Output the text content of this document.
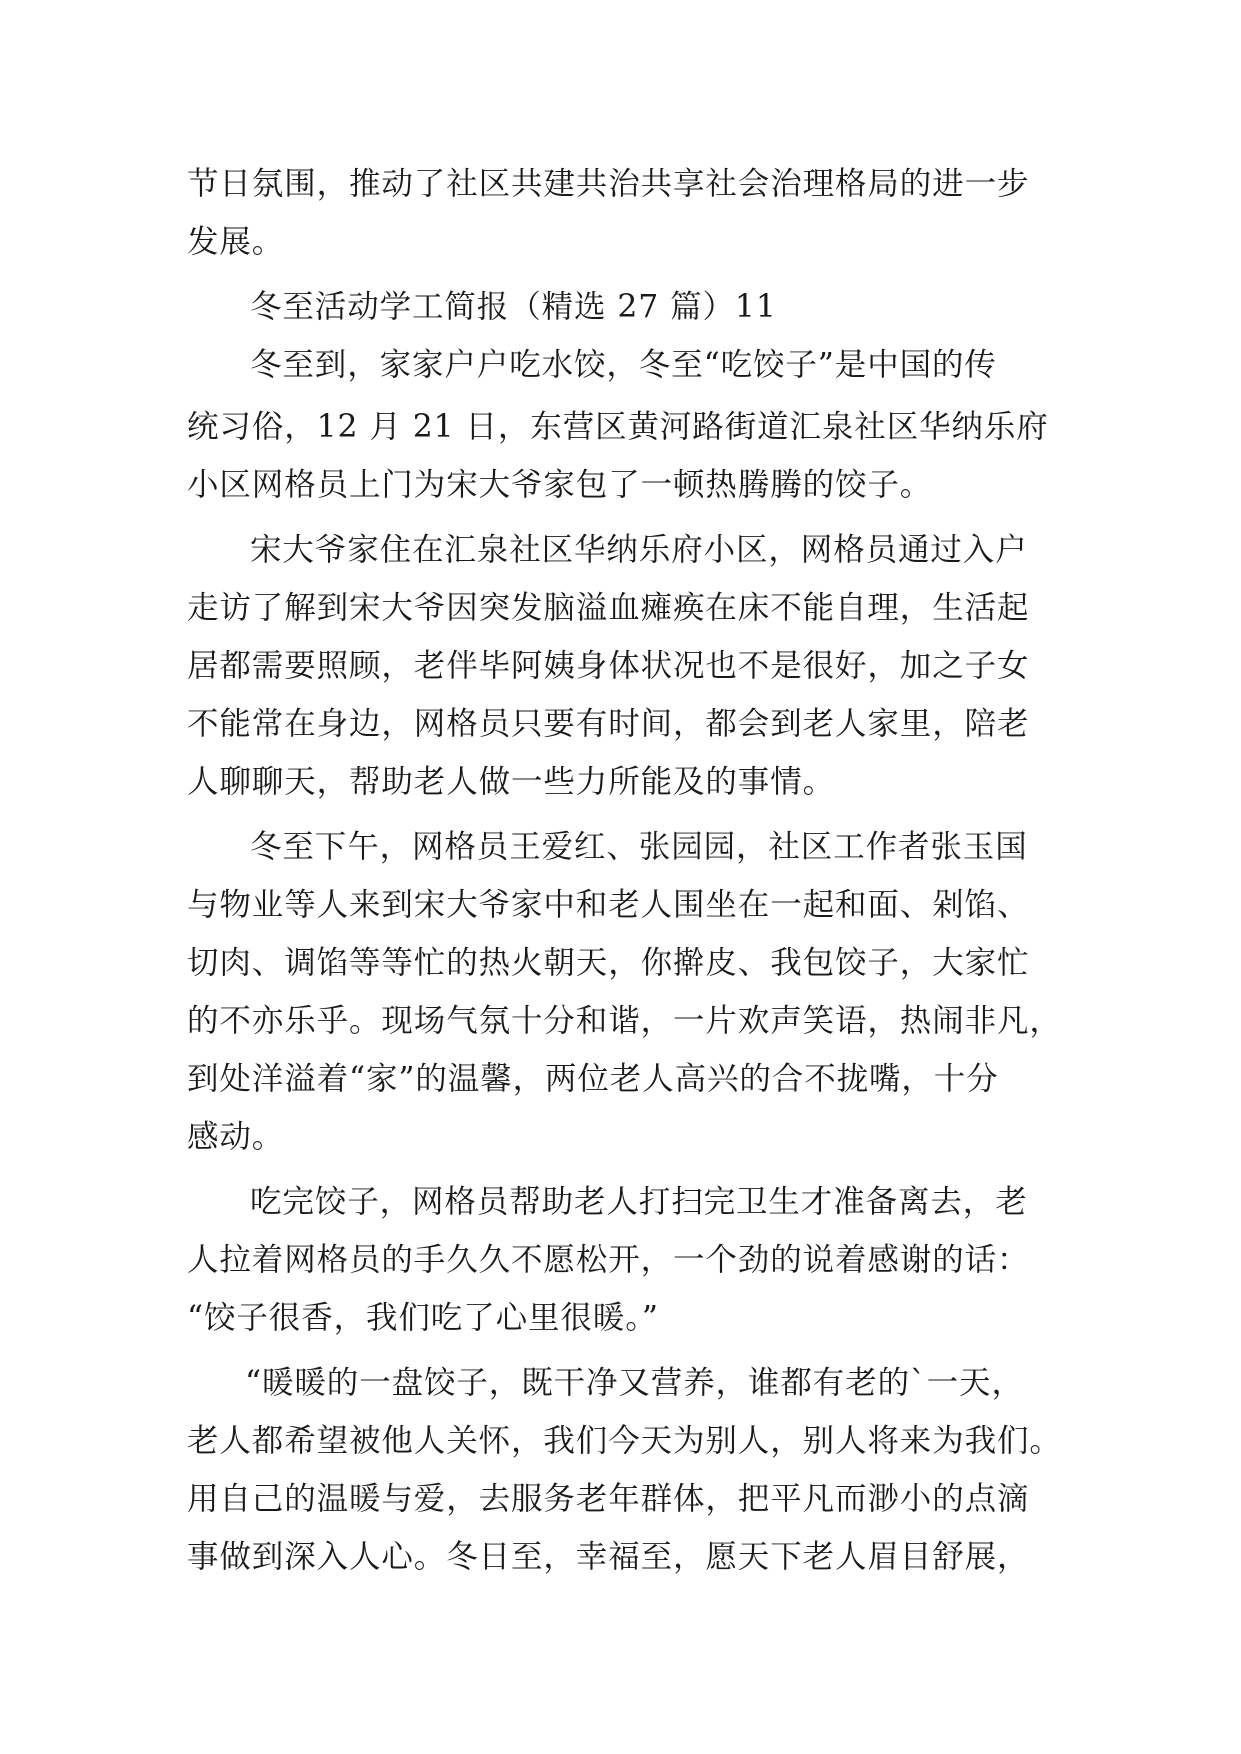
节日氛围，推动了社区共建共治共享社会治理格局的进一步
发展。
冬至活动学工简报（精选 27 篇）11
冬至到，家家户户吃水饺，冬至“吃饺子”是中国的传
统习俗，12 月 21 日，东营区黄河路街道汇泉社区华纳乐府
小区网格员上门为宋大爷家包了一顿热腾腾的饺子。
宋大爷家住在汇泉社区华纳乐府小区，网格员通过入户
走访了解到宋大爷因突发脑溢血瘫痪在床不能自理，生活起
居都需要照顾，老伴毕阿姨身体状况也不是很好，加之子女
不能常在身边，网格员只要有时间，都会到老人家里，陪老
人聊聊天，帮助老人做一些力所能及的事情。
冬至下午，网格员王爱红、张园园，社区工作者张玉国
与物业等人来到宋大爷家中和老人围坐在一起和面、剁馅、
切肉、调馅等等忙的热火朝天，你擀皮、我包饺子，大家忙
的不亦乐乎。现场气氛十分和谐，一片欢声笑语，热闹非凡，
到处洋溢着“家”的温馨，两位老人高兴的合不拢嘴，十分
感动。
吃完饺子，网格员帮助老人打扫完卫生才准备离去，老
人拉着网格员的手久久不愿松开，一个劲的说着感谢的话：
“饺子很香，我们吃了心里很暖。”
“暖暖的一盘饺子，既干净又营养，谁都有老的`一天，
老人都希望被他人关怀，我们今天为别人，别人将来为我们。
用自己的温暖与爱，去服务老年群体，把平凡而渺小的点滴
事做到深入人心。冬日至，幸福至，愿天下老人眉目舒展，
